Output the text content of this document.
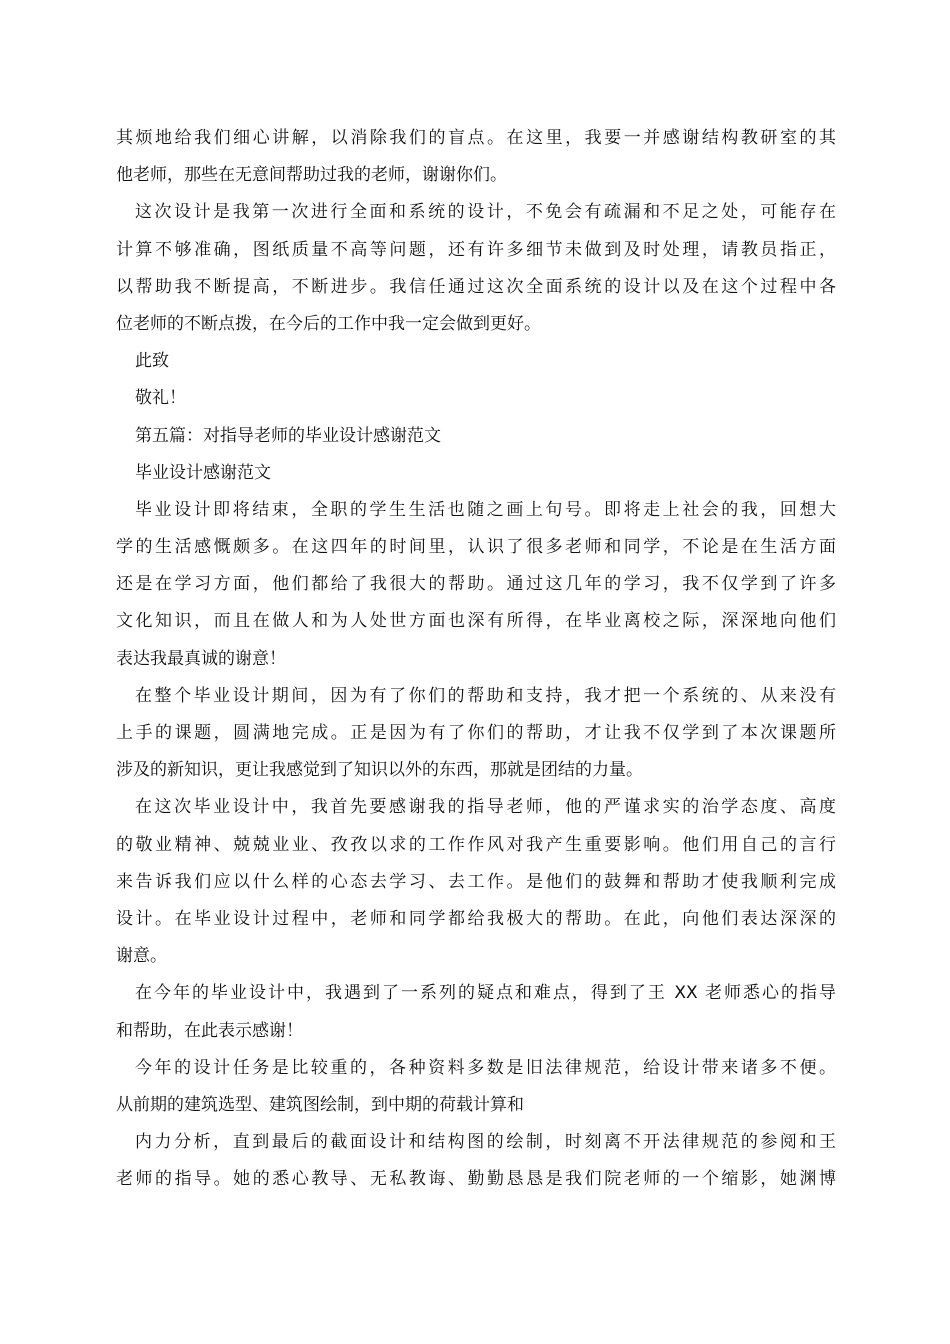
其烦地给我们细心讲解，以消除我们的盲点。在这里，我要一并感谢结构教研室的其
他老师，那些在无意间帮助过我的老师，谢谢你们。
这次设计是我第一次进行全面和系统的设计，不免会有疏漏和不足之处，可能存在
计算不够准确，图纸质量不高等问题，还有许多细节未做到及时处理，请教员指正，
以帮助我不断提高，不断进步。我信任通过这次全面系统的设计以及在这个过程中各
位老师的不断点拨，在今后的工作中我一定会做到更好。
此致
敬礼！
第五篇：对指导老师的毕业设计感谢范文
毕业设计感谢范文
毕业设计即将结束，全职的学生生活也随之画上句号。即将走上社会的我，回想大
学的生活感慨颇多。在这四年的时间里，认识了很多老师和同学，不论是在生活方面
还是在学习方面，他们都给了我很大的帮助。通过这几年的学习，我不仅学到了许多
文化知识，而且在做人和为人处世方面也深有所得，在毕业离校之际，深深地向他们
表达我最真诚的谢意！
在整个毕业设计期间，因为有了你们的帮助和支持，我才把一个系统的、从来没有
上手的课题，圆满地完成。正是因为有了你们的帮助，才让我不仅学到了本次课题所
涉及的新知识，更让我感觉到了知识以外的东西，那就是团结的力量。
在这次毕业设计中，我首先要感谢我的指导老师，他的严谨求实的治学态度、高度
的敬业精神、兢兢业业、孜孜以求的工作作风对我产生重要影响。他们用自己的言行
来告诉我们应以什么样的心态去学习、去工作。是他们的鼓舞和帮助才使我顺利完成
设计。在毕业设计过程中，老师和同学都给我极大的帮助。在此，向他们表达深深的
谢意。
在今年的毕业设计中，我遇到了一系列的疑点和难点，得到了王 XX 老师悉心的指导
和帮助，在此表示感谢！
今年的设计任务是比较重的，各种资料多数是旧法律规范，给设计带来诸多不便。
从前期的建筑选型、建筑图绘制，到中期的荷载计算和
内力分析，直到最后的截面设计和结构图的绘制，时刻离不开法律规范的参阅和王
老师的指导。她的悉心教导、无私教诲、勤勤恳恳是我们院老师的一个缩影，她渊博
